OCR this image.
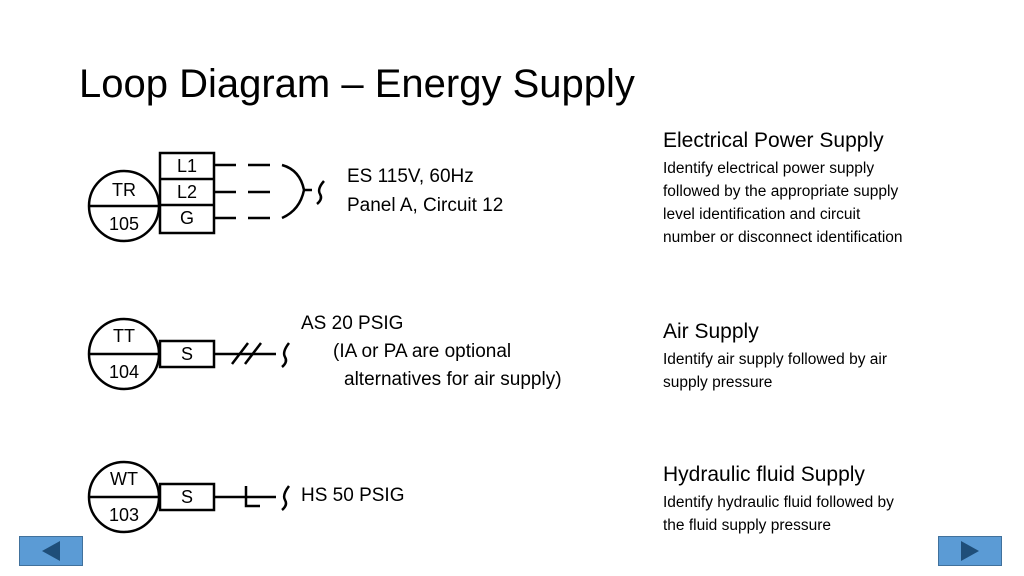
Loop Diagram – Energy Supply
TR
105
L1
L2
G
ES 115V, 60Hz
Panel A, Circuit 12
TT
104
S
AS 20 PSIG
(IA or PA are optional
alternatives for air supply)
WT
103
S	HS 50 PSIG
Electrical Power Supply
Identify electrical power supply
followed by the appropriate supply
level identification and circuit
number or disconnect identification
Air Supply
Identify air supply followed by air
supply pressure
Hydraulic fluid Supply
Identify hydraulic fluid followed by
the fluid supply pressure
